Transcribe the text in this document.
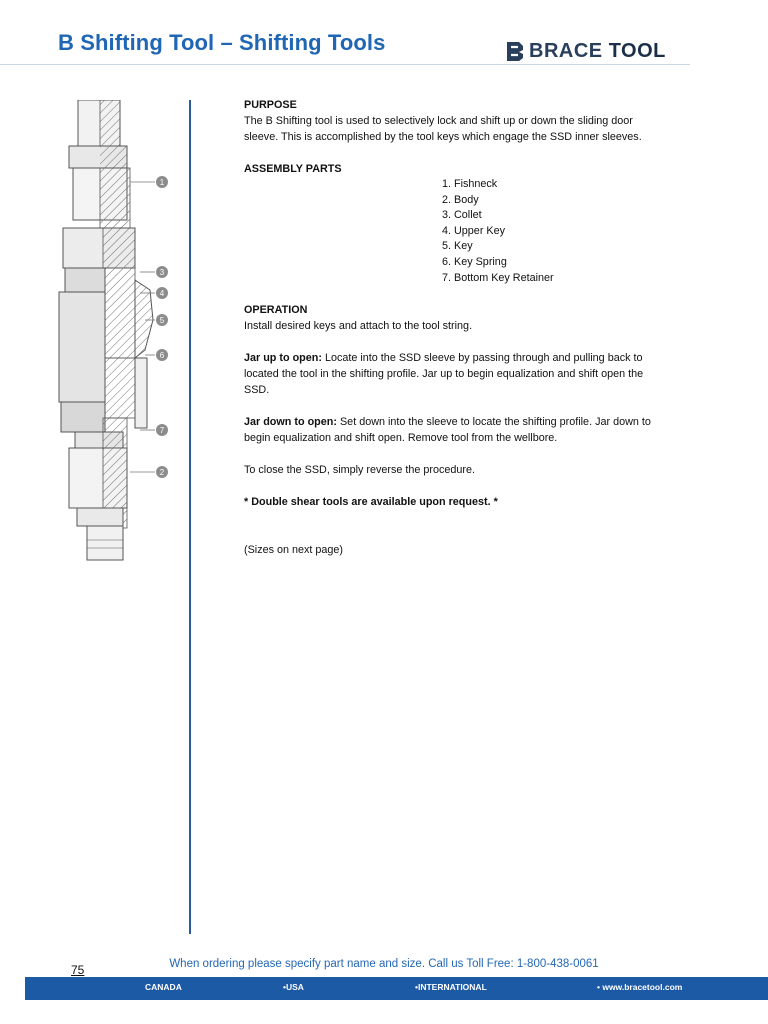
B Shifting Tool – Shifting Tools	BRACE TOOL
1
3
4
5
6
7
2

PURPOSE

The B Shifting tool is used to selectively lock and shift up or down the sliding door sleeve. This is accomplished by the tool keys which engage the SSD inner sleeves.

ASSEMBLY PARTS

1. Fishneck
2. Body
3. Collet
4. Upper Key
5. Key
6. Key Spring
7. Bottom Key Retainer

OPERATION

Install desired keys and attach to the tool string.

Jar up to open: Locate into the SSD sleeve by passing through and pulling back to located the tool in the shifting profile. Jar up to begin equalization and shift open the SSD.

Jar down to open: Set down into the sleeve to locate the shifting profile. Jar down to begin equalization and shift open. Remove tool from the wellbore.

To close the SSD, simply reverse the procedure.

* Double shear tools are available upon request. *

(Sizes on next page)

75	When ordering please specify part name and size. Call us Toll Free: 1-800-438-0061
CANADA	•USA	•INTERNATIONAL	• www.bracetool.com
